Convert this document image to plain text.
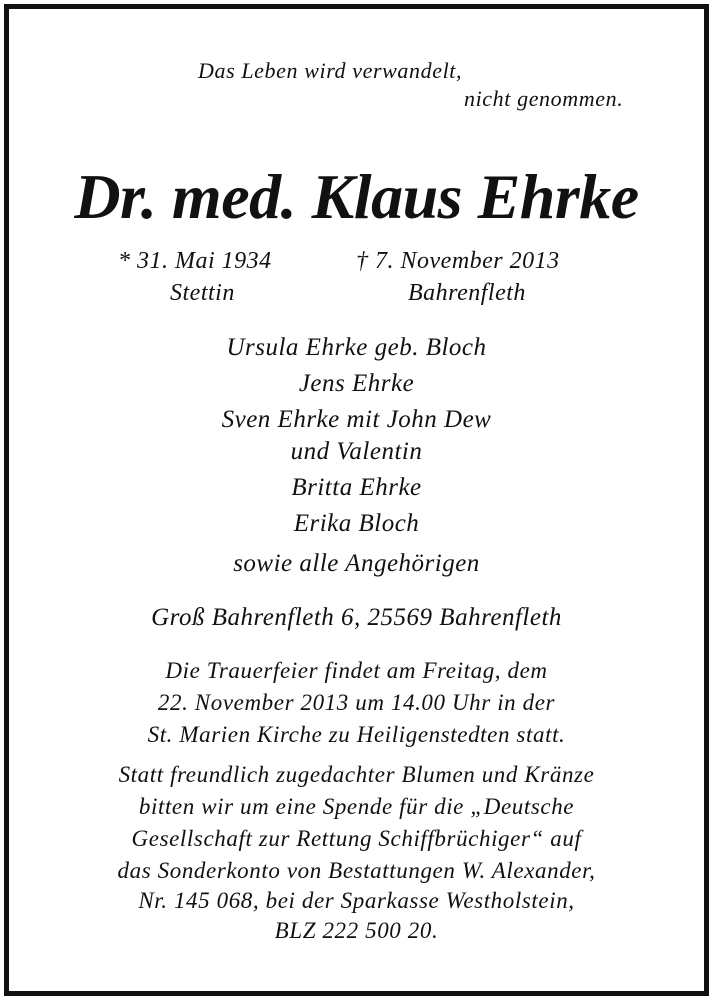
Das Leben wird verwandelt,
nicht genommen.
Dr. med. Klaus Ehrke
* 31. Mai 1934
Stettin
† 7. November 2013
Bahrenfleth
Ursula Ehrke geb. Bloch
Jens Ehrke
Sven Ehrke mit John Dew
und Valentin
Britta Ehrke
Erika Bloch
sowie alle Angehörigen
Groß Bahrenfleth 6, 25569 Bahrenfleth
Die Trauerfeier findet am Freitag, dem
22. November 2013 um 14.00 Uhr in der
St. Marien Kirche zu Heiligenstedten statt.
Statt freundlich zugedachter Blumen und Kränze
bitten wir um eine Spende für die „Deutsche
Gesellschaft zur Rettung Schiffbrüchiger“ auf
das Sonderkonto von Bestattungen W. Alexander,
Nr. 145 068, bei der Sparkasse Westholstein,
BLZ 222 500 20.
